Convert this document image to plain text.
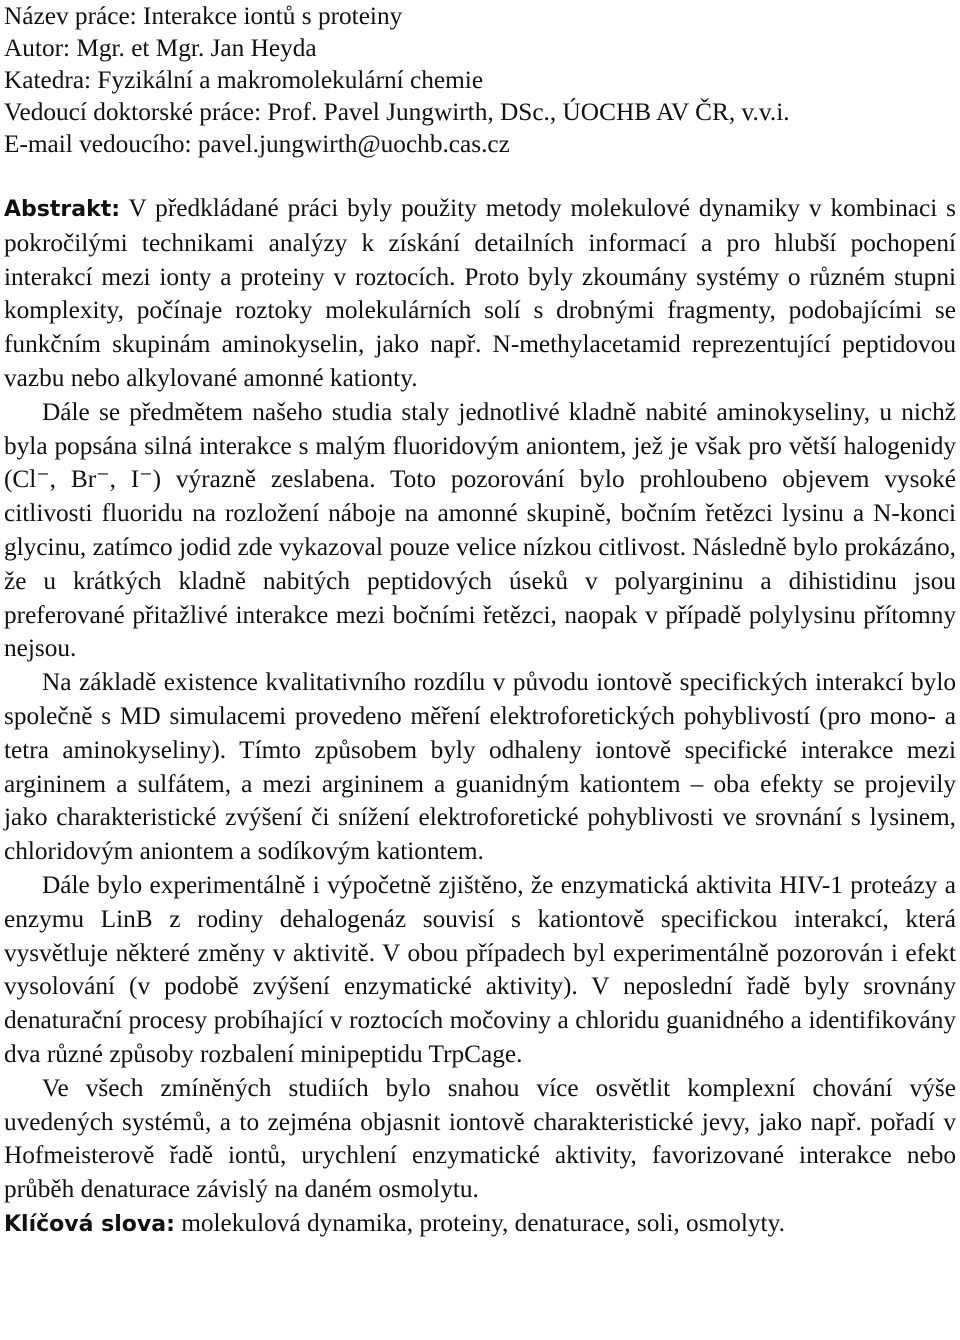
Název práce: Interakce iontů s proteiny

Autor: Mgr. et Mgr. Jan Heyda

Katedra: Fyzikální a makromolekulární chemie

Vedoucí doktorské práce: Prof. Pavel Jungwirth, DSc., ÚOCHB AV ČR, v.v.i.

E-mail vedoucího: pavel.jungwirth@uochb.cas.cz

Abstrakt: V předkládané práci byly použity metody molekulové dynamiky v kombinaci s pokročilými technikami analýzy k získání detailních informací a pro hlubší pochopení interakcí mezi ionty a proteiny v roztocích. Proto byly zkoumány systémy o různém stupni komplexity, počínaje roztoky molekulárních solí s drobnými fragmenty, podobajícími se funkčním skupinám aminokyselin, jako např. N-methylacetamid reprezentující peptidovou vazbu nebo alkylované amonné kationty.

Dále se předmětem našeho studia staly jednotlivé kladně nabité aminokyseliny, u nichž byla popsána silná interakce s malým fluoridovým aniontem, jež je však pro větší halogenidy (Cl⁻, Br⁻, I⁻) výrazně zeslabena. Toto pozorování bylo prohloubeno objevem vysoké citlivosti fluoridu na rozložení náboje na amonné skupině, bočním řetězci lysinu a N-konci glycinu, zatímco jodid zde vykazoval pouze velice nízkou citlivost. Následně bylo prokázáno, že u krátkých kladně nabitých peptidových úseků v polyargininu a dihistidinu jsou preferované přitažlivé interakce mezi bočními řetězci, naopak v případě polylysinu přítomny nejsou.

Na základě existence kvalitativního rozdílu v původu iontově specifických interakcí bylo společně s MD simulacemi provedeno měření elektroforetických pohyblivostí (pro mono- a tetra aminokyseliny). Tímto způsobem byly odhaleny iontově specifické interakce mezi argininem a sulfátem, a mezi argininem a guanidným kationtem – oba efekty se projevily jako charakteristické zvýšení či snížení elektroforetické pohyblivosti ve srovnání s lysinem, chloridovým aniontem a sodíkovým kationtem.

Dále bylo experimentálně i výpočetně zjištěno, že enzymatická aktivita HIV-1 proteázy a enzymu LinB z rodiny dehalogenáz souvisí s kationtově specifickou interakcí, která vysvětluje některé změny v aktivitě. V obou případech byl experimentálně pozorován i efekt vysolování (v podobě zvýšení enzymatické aktivity). V neposlední řadě byly srovnány denaturační procesy probíhající v roztocích močoviny a chloridu guanidného a identifikovány dva různé způsoby rozbalení minipeptidu TrpCage.

Ve všech zmíněných studiích bylo snahou více osvětlit komplexní chování výše uvedených systémů, a to zejména objasnit iontově charakteristické jevy, jako např. pořadí v Hofmeisterově řadě iontů, urychlení enzymatické aktivity, favorizované interakce nebo průběh denaturace závislý na daném osmolytu.

Klíčová slova: molekulová dynamika, proteiny, denaturace, soli, osmolyty.
